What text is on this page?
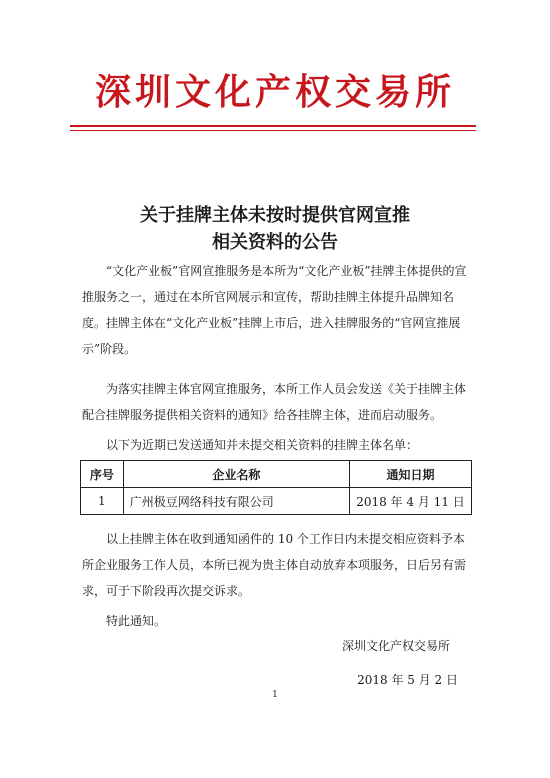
深圳文化产权交易所
关于挂牌主体未按时提供官网宣推
相关资料的公告

“文化产业板”官网宣推服务是本所为“文化产业板”挂牌主体提供的宣推服务之一，通过在本所官网展示和宣传，帮助挂牌主体提升品牌知名度。挂牌主体在“文化产业板”挂牌上市后，进入挂牌服务的“官网宣推展示”阶段。

为落实挂牌主体官网宣推服务，本所工作人员会发送《关于挂牌主体配合挂牌服务提供相关资料的通知》给各挂牌主体，进而启动服务。

以下为近期已发送通知并未提交相关资料的挂牌主体名单：

序号	企业名称	通知日期
1	广州极豆网络科技有限公司	2018 年 4 月 11 日

以上挂牌主体在收到通知函件的 10 个工作日内未提交相应资料予本所企业服务工作人员，本所已视为贵主体自动放弃本项服务，日后另有需求，可于下阶段再次提交诉求。

特此通知。

深圳文化产权交易所
2018 年 5 月 2 日
1
